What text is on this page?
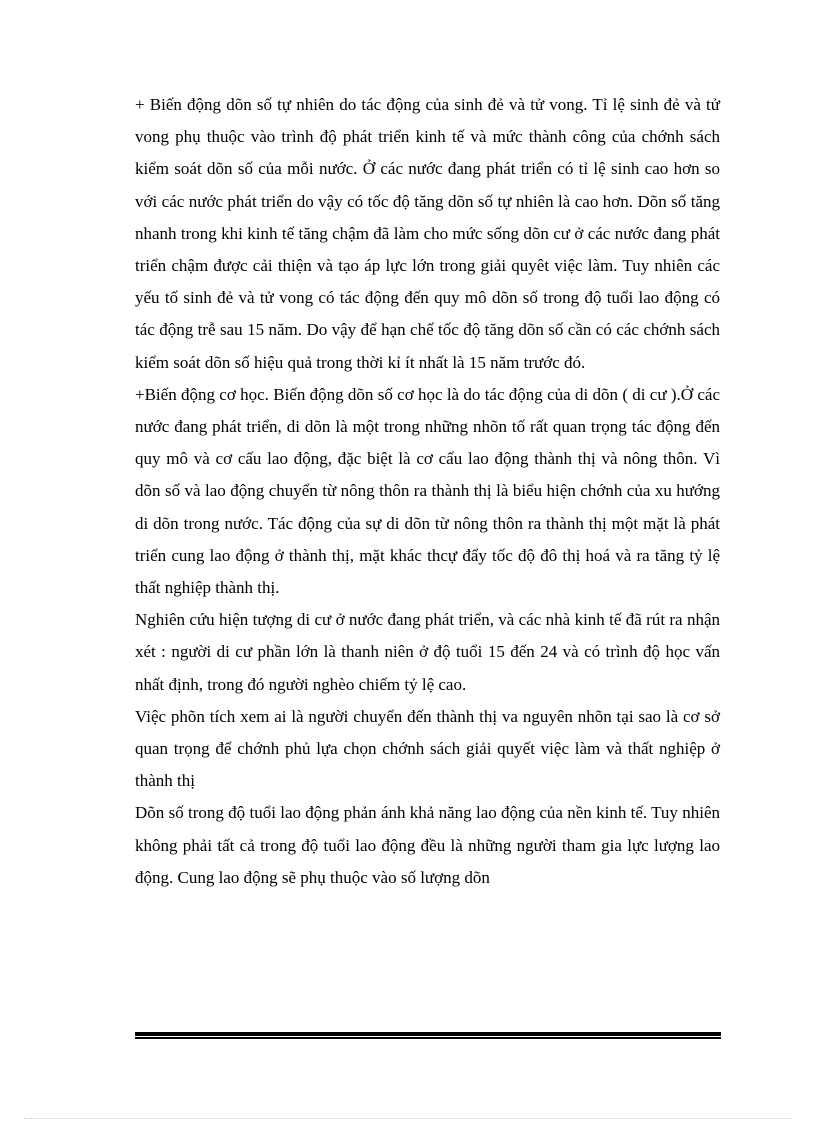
+ Biến động dõn số tự nhiên do tác động của sinh đẻ và tử vong. Tỉ lệ sinh đẻ và tử vong phụ thuộc vào trình độ phát triển kinh tế và mức thành công của chớnh sách kiểm soát dõn số của mỗi nước. Ở các nước đang phát triển có tỉ lệ sinh cao hơn so với các nước phát triển do vậy có tốc độ tăng dõn số tự nhiên là cao hơn. Dõn số tăng nhanh trong khi kinh tế tăng chậm đã làm cho mức sống dõn cư ở các nước đang phát triển chậm được cải thiện và tạo áp lực lớn trong giải quyêt việc làm. Tuy nhiên các yếu tố sinh đẻ và tử vong có tác động đến quy mô dõn số trong độ tuổi lao động có tác động trễ sau 15 năm. Do vậy để hạn chế tốc độ tăng dõn số cần có các chớnh sách kiểm soát dõn số hiệu quả trong thời kỉ ít nhất là 15 năm trước đó.

+Biến động cơ học. Biến động dõn số cơ học là do tác động của di dõn ( di cư ).Ở các nước đang phát triển, di dõn là một trong những nhõn tố rất quan trọng tác động đến quy mô và cơ cấu lao động, đặc biệt là cơ cấu lao động thành thị và nông thôn. Vì dõn số và lao động chuyển từ nông thôn ra thành thị là biểu hiện chớnh của xu hướng di dõn trong nước. Tác động của sự di dõn từ nông thôn ra thành thị một mặt là phát triển cung lao động ở thành thị, mặt khác thcự đẩy tốc độ đô thị hoá và ra tăng tỷ lệ thất nghiệp thành thị.

Nghiên cứu hiện tượng di cư ở nước đang phát triển, và các nhà kinh tế đã rút ra nhận xét : người di cư phần lớn là thanh niên ở độ tuổi 15 đến 24 và có trình độ học vấn nhất định, trong đó người nghèo chiếm tỷ lệ cao.

Việc phõn tích xem ai là người chuyển đến thành thị va nguyên nhõn tại sao là cơ sở quan trọng để chớnh phủ lựa chọn chớnh sách giải quyết việc làm và thất nghiệp ở thành thị

Dõn số trong độ tuổi lao động phản ánh khả năng lao động của nền kinh tế. Tuy nhiên không phải tất cả trong độ tuổi lao động đều là những người tham gia lực lượng lao động. Cung lao động sẽ phụ thuộc vào số lượng dõn
